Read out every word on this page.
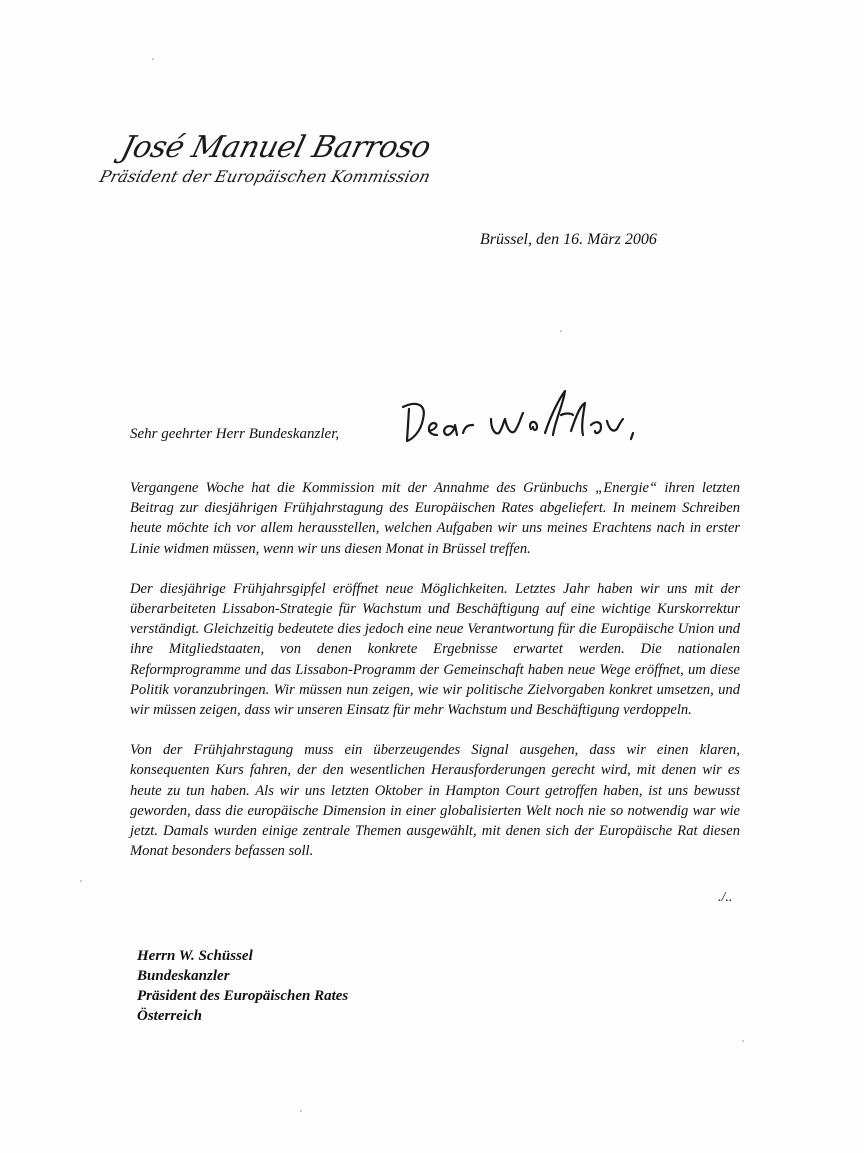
José Manuel Barroso
Präsident der Europäischen Kommission
Brüssel, den 16. März 2006
Sehr geehrter Herr Bundeskanzler,

Vergangene Woche hat die Kommission mit der Annahme des Grünbuchs „Energie“ ihren letzten Beitrag zur diesjährigen Frühjahrstagung des Europäischen Rates abgeliefert. In meinem Schreiben heute möchte ich vor allem herausstellen, welchen Aufgaben wir uns meines Erachtens nach in erster Linie widmen müssen, wenn wir uns diesen Monat in Brüssel treffen.

Der diesjährige Frühjahrsgipfel eröffnet neue Möglichkeiten. Letztes Jahr haben wir uns mit der überarbeiteten Lissabon-Strategie für Wachstum und Beschäftigung auf eine wichtige Kurskorrektur verständigt. Gleichzeitig bedeutete dies jedoch eine neue Verantwortung für die Europäische Union und ihre Mitgliedstaaten, von denen konkrete Ergebnisse erwartet werden. Die nationalen Reformprogramme und das Lissabon-Programm der Gemeinschaft haben neue Wege eröffnet, um diese Politik voranzubringen. Wir müssen nun zeigen, wie wir politische Zielvorgaben konkret umsetzen, und wir müssen zeigen, dass wir unseren Einsatz für mehr Wachstum und Beschäftigung verdoppeln.

Von der Frühjahrstagung muss ein überzeugendes Signal ausgehen, dass wir einen klaren, konsequenten Kurs fahren, der den wesentlichen Herausforderungen gerecht wird, mit denen wir es heute zu tun haben. Als wir uns letzten Oktober in Hampton Court getroffen haben, ist uns bewusst geworden, dass die europäische Dimension in einer globalisierten Welt noch nie so notwendig war wie jetzt. Damals wurden einige zentrale Themen ausgewählt, mit denen sich der Europäische Rat diesen Monat besonders befassen soll.

./..
Herrn W. Schüssel
Bundeskanzler
Präsident des Europäischen Rates
Österreich
